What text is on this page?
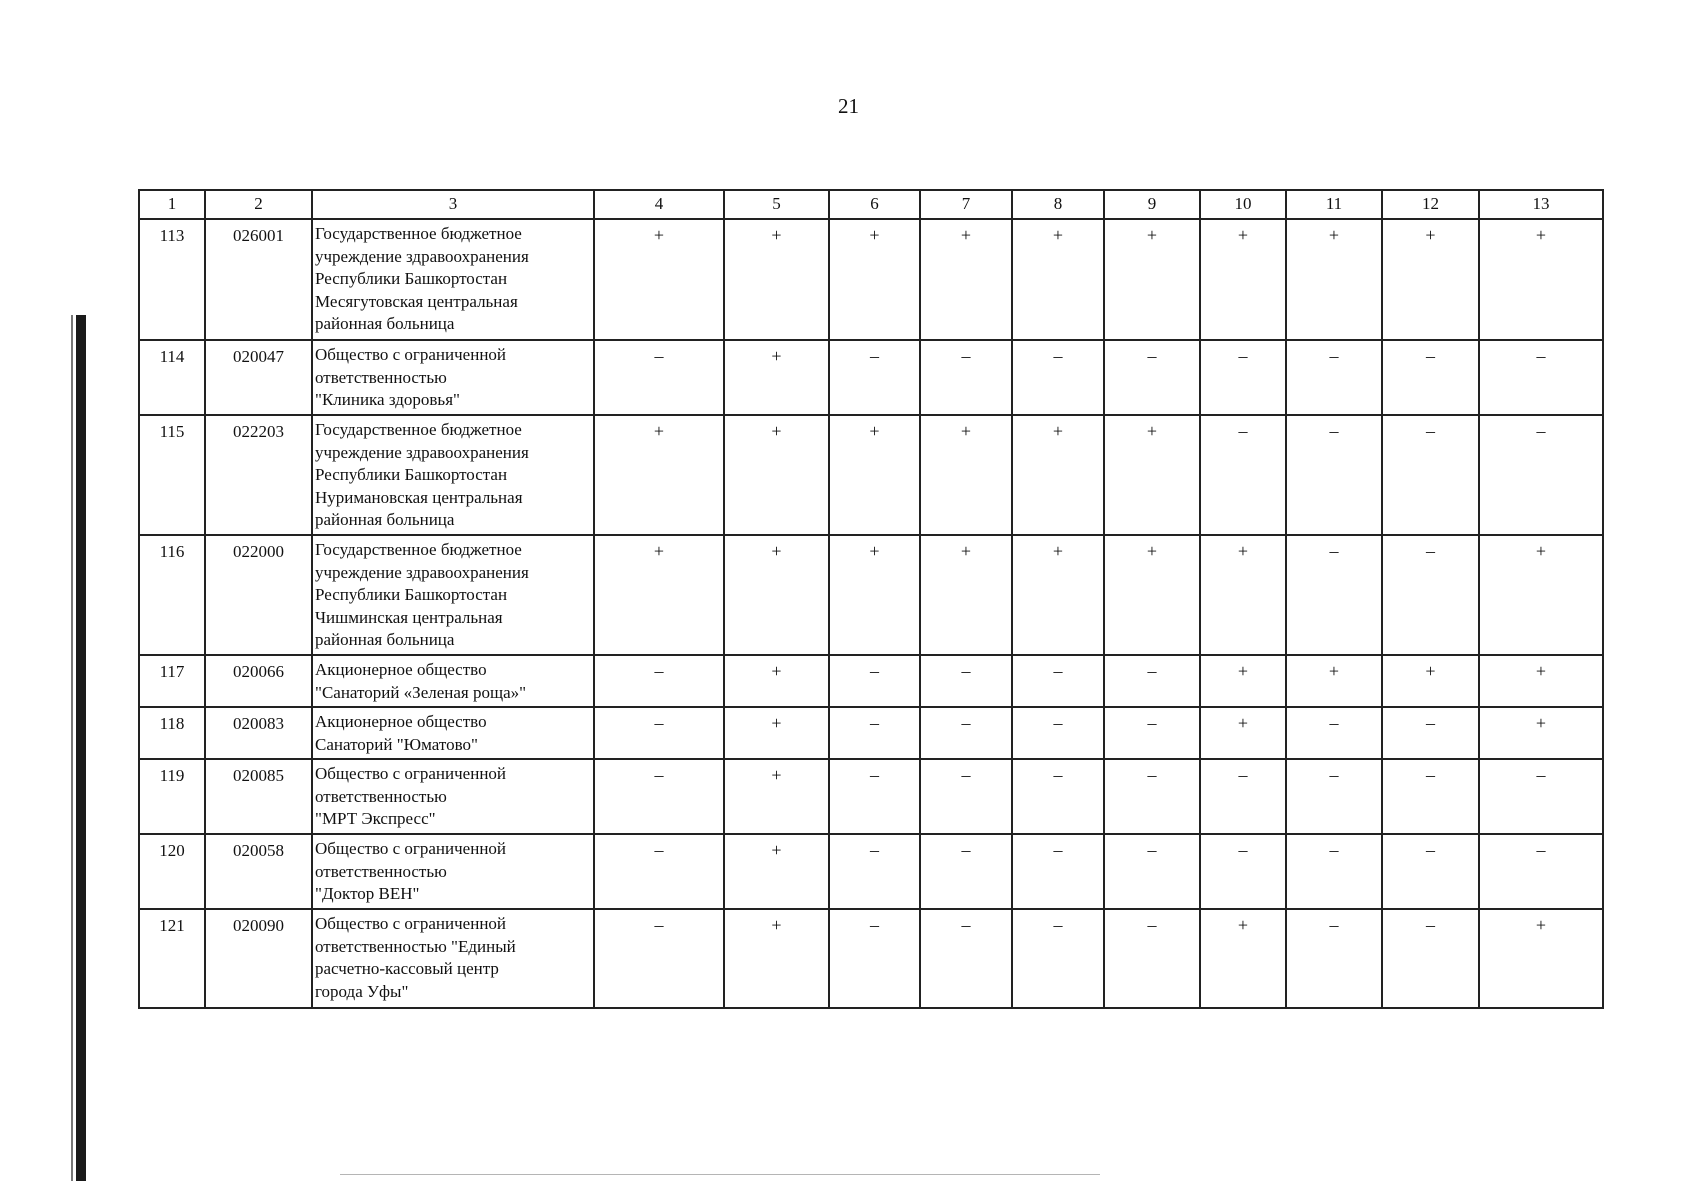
21
1	2	3	4	5	6	7	8	9	10	11	12	13
113	026001	Государственное бюджетное
учреждение здравоохранения
Республики Башкортостан
Месягутовская центральная
районная больница	+	+	+	+	+	+	+	+	+	+
114	020047	Общество с ограниченной
ответственностью
"Клиника здоровья"	–	+	–	–	–	–	–	–	–	–
115	022203	Государственное бюджетное
учреждение здравоохранения
Республики Башкортостан
Нуримановская центральная
районная больница	+	+	+	+	+	+	–	–	–	–
116	022000	Государственное бюджетное
учреждение здравоохранения
Республики Башкортостан
Чишминская центральная
районная больница	+	+	+	+	+	+	+	–	–	+
117	020066	Акционерное общество
"Санаторий «Зеленая роща»"	–	+	–	–	–	–	+	+	+	+
118	020083	Акционерное общество
Санаторий "Юматово"	–	+	–	–	–	–	+	–	–	+
119	020085	Общество с ограниченной
ответственностью
"МРТ Экспресс"	–	+	–	–	–	–	–	–	–	–
120	020058	Общество с ограниченной
ответственностью
"Доктор ВЕН"	–	+	–	–	–	–	–	–	–	–
121	020090	Общество с ограниченной
ответственностью "Единый
расчетно-кассовый центр
города Уфы"	–	+	–	–	–	–	+	–	–	+
